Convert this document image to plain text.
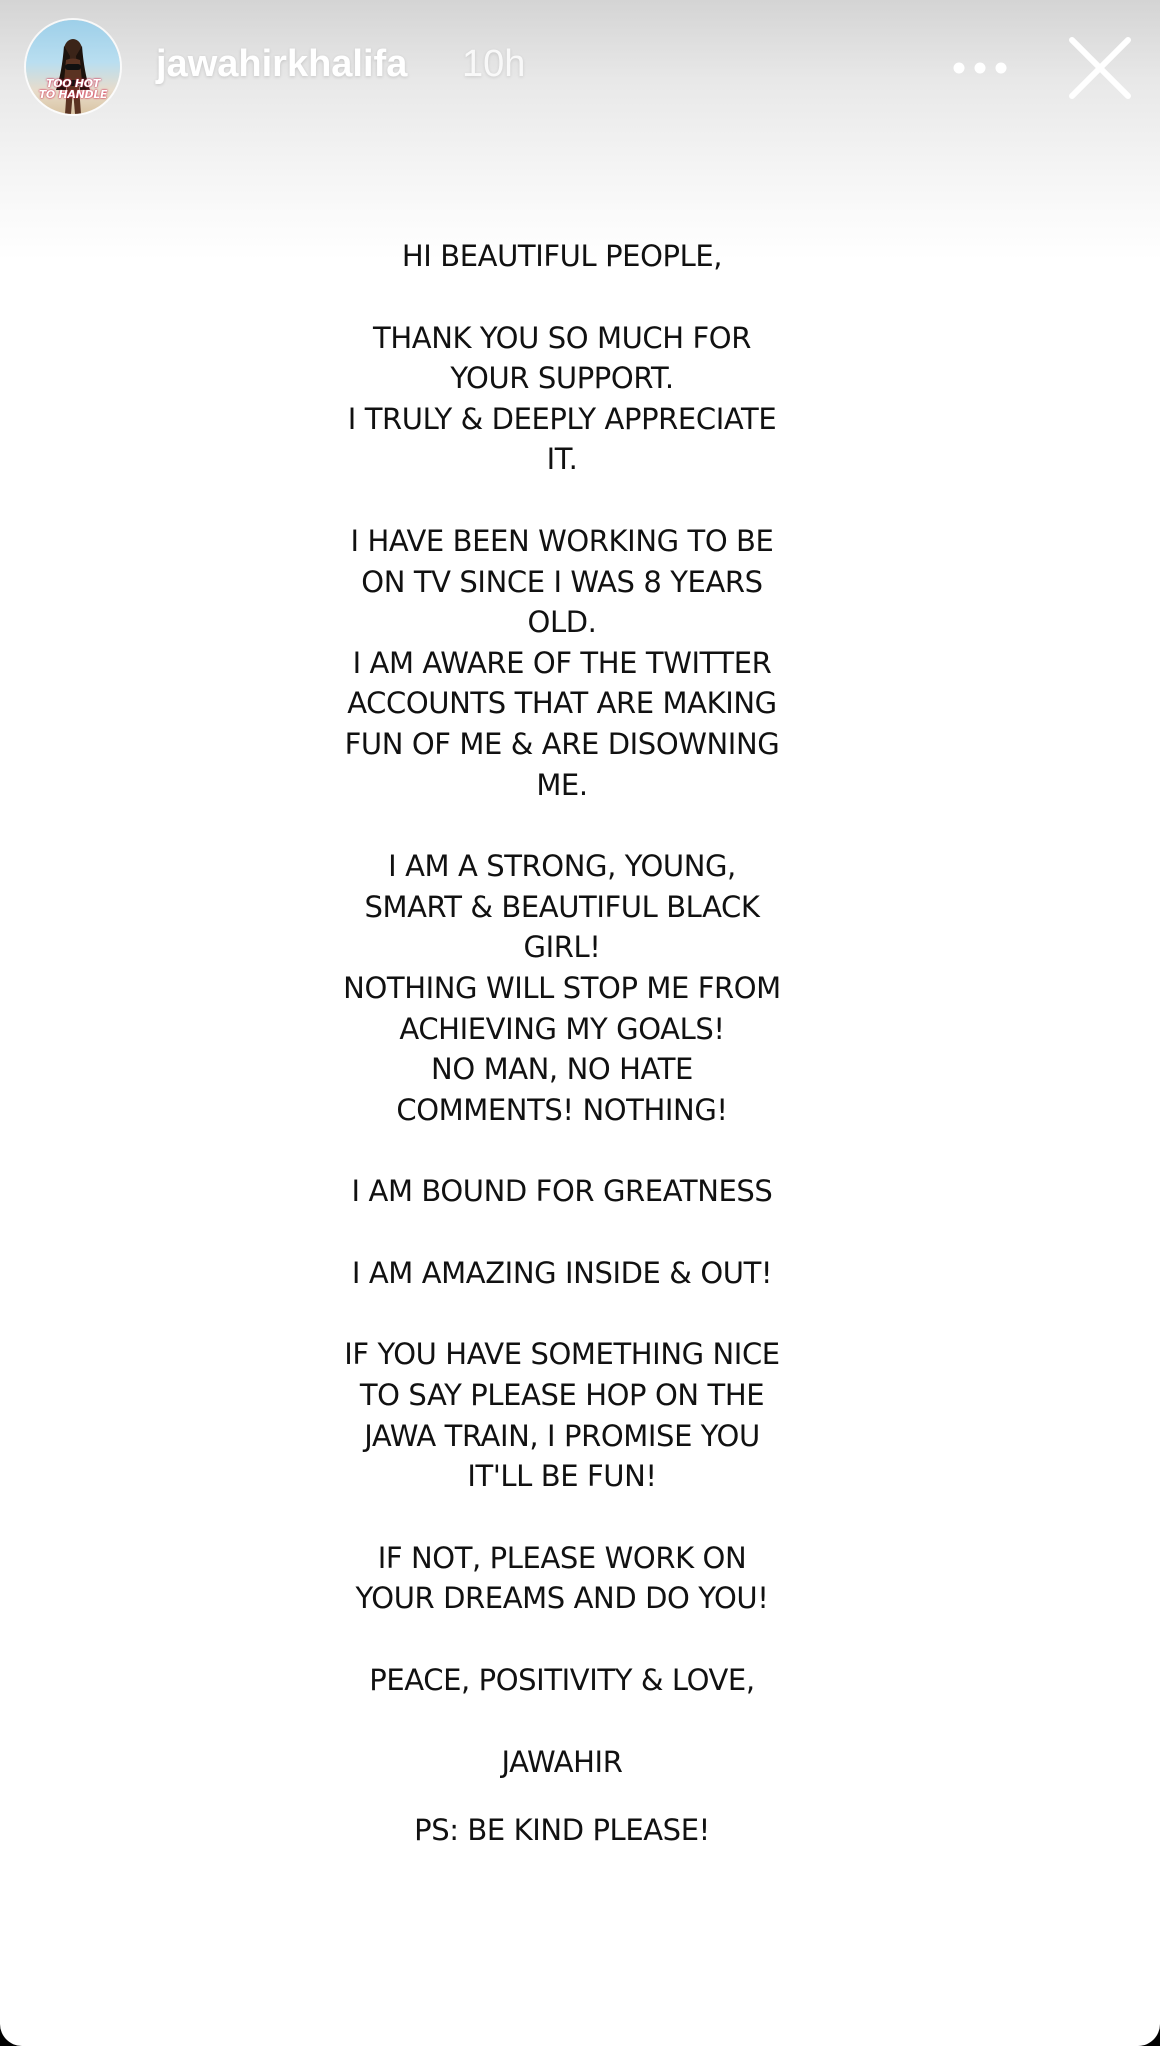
TOO HOT
TO HANDLE
jawahirkhalifa 10h
HI BEAUTIFUL PEOPLE,
THANK YOU SO MUCH FOR
YOUR SUPPORT.
I TRULY & DEEPLY APPRECIATE
IT.
I HAVE BEEN WORKING TO BE
ON TV SINCE I WAS 8 YEARS
OLD.
I AM AWARE OF THE TWITTER
ACCOUNTS THAT ARE MAKING
FUN OF ME & ARE DISOWNING
ME.
I AM A STRONG, YOUNG,
SMART & BEAUTIFUL BLACK
GIRL!
NOTHING WILL STOP ME FROM
ACHIEVING MY GOALS!
NO MAN, NO HATE
COMMENTS! NOTHING!
I AM BOUND FOR GREATNESS
I AM AMAZING INSIDE & OUT!
IF YOU HAVE SOMETHING NICE
TO SAY PLEASE HOP ON THE
JAWA TRAIN, I PROMISE YOU
IT'LL BE FUN!
IF NOT, PLEASE WORK ON
YOUR DREAMS AND DO YOU!
PEACE, POSITIVITY & LOVE,
JAWAHIR
PS: BE KIND PLEASE!
